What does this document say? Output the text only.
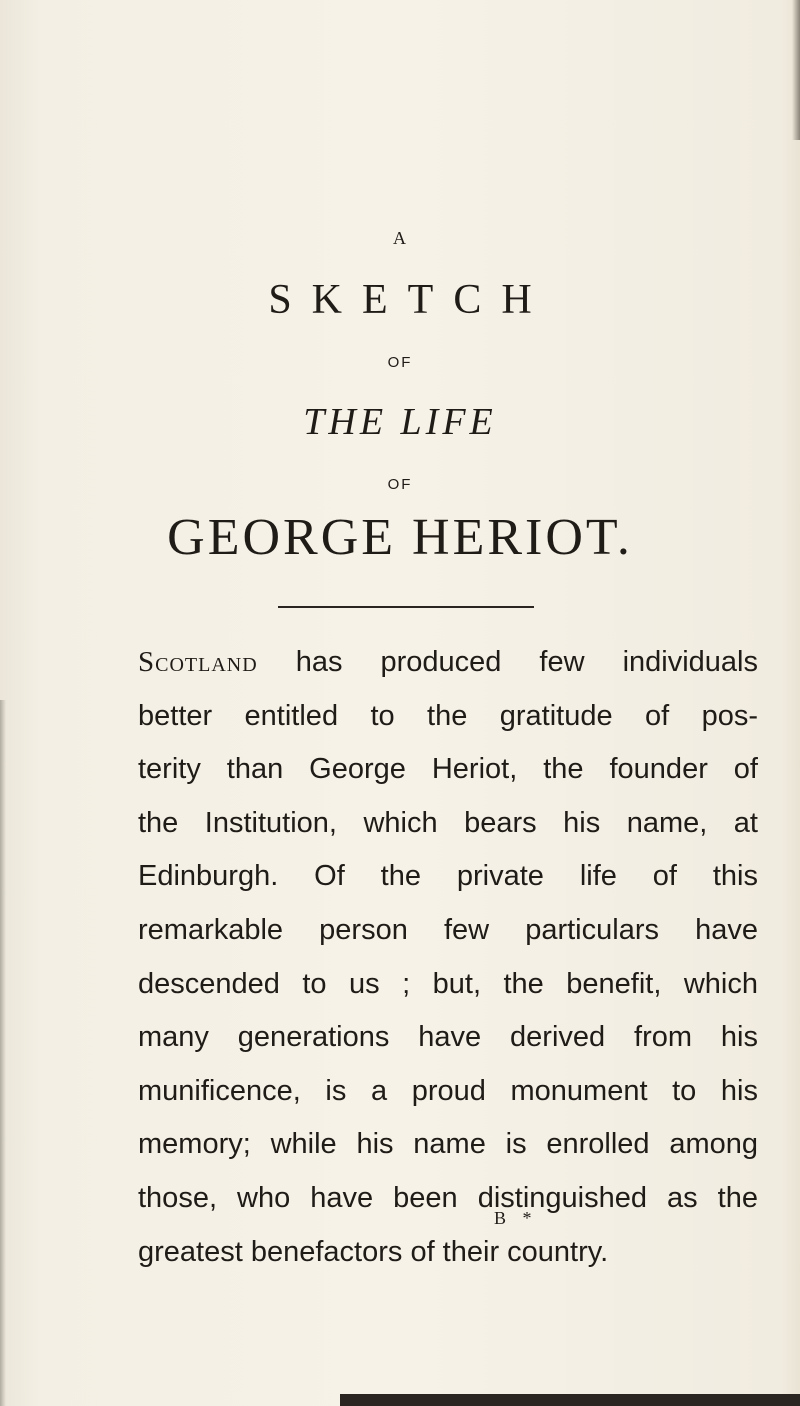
A
SKETCH
OF
THE LIFE
OF
GEORGE HERIOT.
Scotland has produced few individuals
better entitled to the gratitude of pos-
terity than George Heriot, the founder of
the Institution, which bears his name, at
Edinburgh. Of the private life of this
remarkable person few particulars have
descended to us ; but, the benefit, which
many generations have derived from his
munificence, is a proud monument to his
memory; while his name is enrolled among
those, who have been distinguished as the
greatest benefactors of their country.
B *
